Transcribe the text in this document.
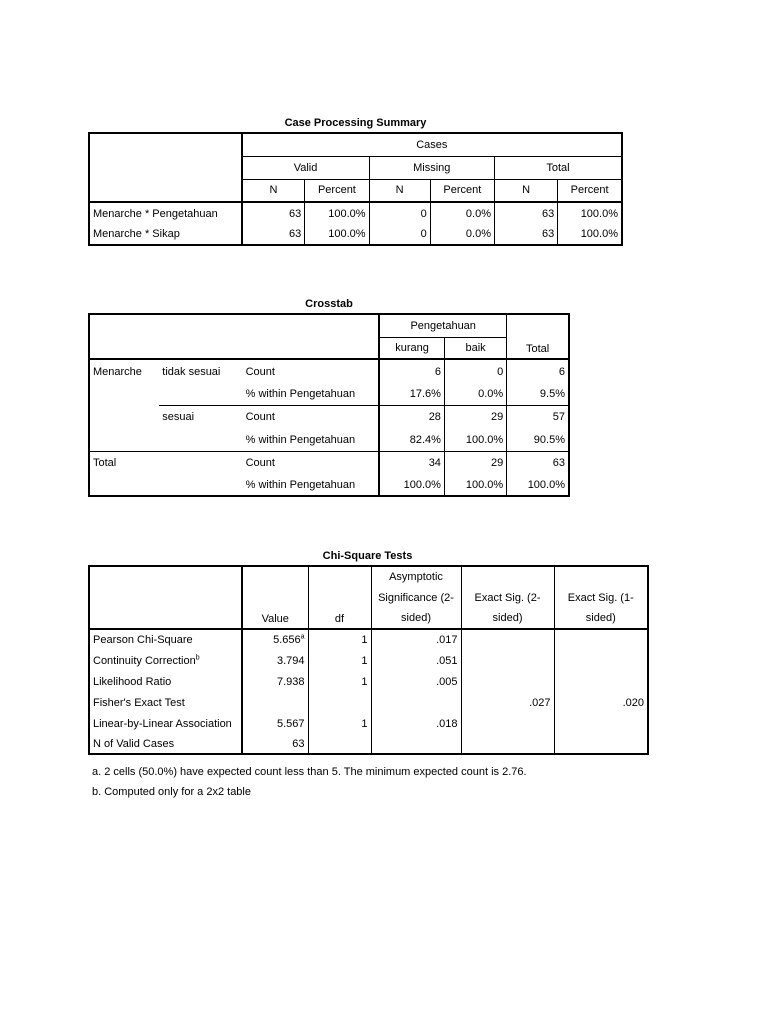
Case Processing Summary
	Cases					
	Valid		Missing		Total	
	N	Percent	N	Percent	N	Percent
Menarche * Pengetahuan	63	100.0%	0	0.0%	63	100.0%
Menarche * Sikap	63	100.0%	0	0.0%	63	100.0%
Crosstab
			Pengetahuan		Total
			kurang	baik	
Menarche	tidak sesuai	Count	6	0	6
		% within Pengetahuan	17.6%	0.0%	9.5%
	sesuai	Count	28	29	57
		% within Pengetahuan	82.4%	100.0%	90.5%
Total		Count	34	29	63
		% within Pengetahuan	100.0%	100.0%	100.0%
Chi-Square Tests
	Value	df	Asymptotic		
			Significance (2-	Exact Sig. (2-	Exact Sig. (1-
			sided)	sided)	sided)
Pearson Chi-Square	5.656$^a$	1	.017		
Continuity Correction$^b$	3.794	1	.051		
Likelihood Ratio	7.938	1	.005		
Fisher's Exact Test				.027	.020
Linear-by-Linear Association	5.567	1	.018		
N of Valid Cases	63				
a. 2 cells (50.0%) have expected count less than 5. The minimum expected count is 2.76.
b. Computed only for a 2x2 table
